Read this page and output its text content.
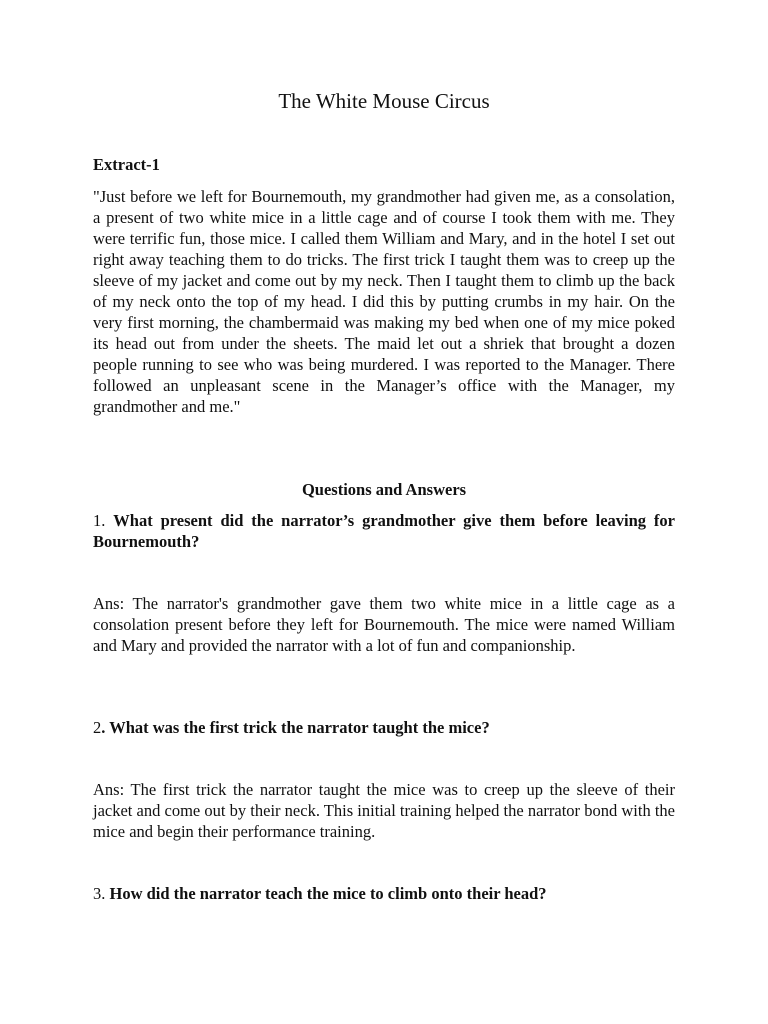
The White Mouse Circus
Extract-1

"Just before we left for Bournemouth, my grandmother had given me, as a consolation, a present of two white mice in a little cage and of course I took them with me. They were terrific fun, those mice. I called them William and Mary, and in the hotel I set out right away teaching them to do tricks. The first trick I taught them was to creep up the sleeve of my jacket and come out by my neck. Then I taught them to climb up the back of my neck onto the top of my head. I did this by putting crumbs in my hair. On the very first morning, the chambermaid was making my bed when one of my mice poked its head out from under the sheets. The maid let out a shriek that brought a dozen people running to see who was being murdered. I was reported to the Manager. There followed an unpleasant scene in the Manager’s office with the Manager, my grandmother and me."

Questions and Answers

1. What present did the narrator’s grandmother give them before leaving for Bournemouth?

Ans: The narrator's grandmother gave them two white mice in a little cage as a consolation present before they left for Bournemouth. The mice were named William and Mary and provided the narrator with a lot of fun and companionship.

2. What was the first trick the narrator taught the mice?

Ans: The first trick the narrator taught the mice was to creep up the sleeve of their jacket and come out by their neck. This initial training helped the narrator bond with the mice and begin their performance training.

3. How did the narrator teach the mice to climb onto their head?
